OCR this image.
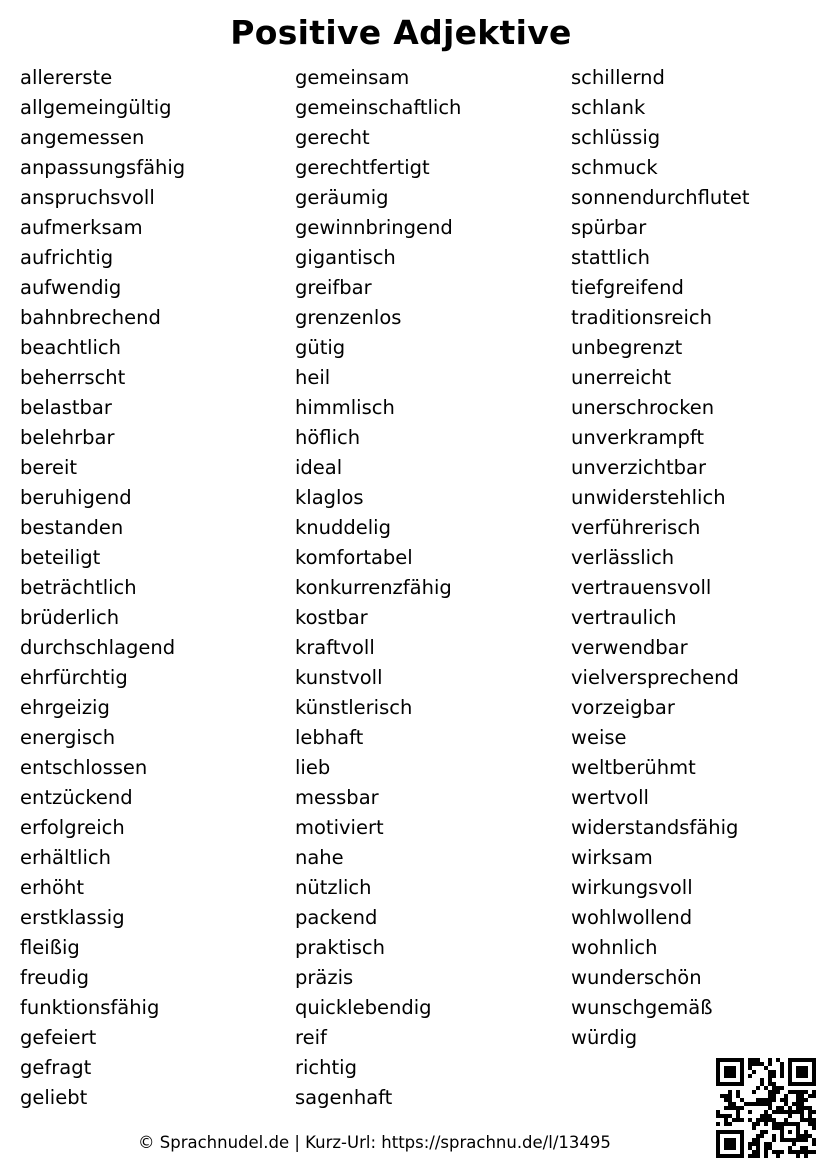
Positive Adjektive
allererste
allgemeingültig
angemessen
anpassungsfähig
anspruchsvoll
aufmerksam
aufrichtig
aufwendig
bahnbrechend
beachtlich
beherrscht
belastbar
belehrbar
bereit
beruhigend
bestanden
beteiligt
beträchtlich
brüderlich
durchschlagend
ehrfürchtig
ehrgeizig
energisch
entschlossen
entzückend
erfolgreich
erhältlich
erhöht
erstklassig
fleißig
freudig
funktionsfähig
gefeiert
gefragt
geliebt
gemeinsam
gemeinschaftlich
gerecht
gerechtfertigt
geräumig
gewinnbringend
gigantisch
greifbar
grenzenlos
gütig
heil
himmlisch
höflich
ideal
klaglos
knuddelig
komfortabel
konkurrenzfähig
kostbar
kraftvoll
kunstvoll
künstlerisch
lebhaft
lieb
messbar
motiviert
nahe
nützlich
packend
praktisch
präzis
quicklebendig
reif
richtig
sagenhaft
schillernd
schlank
schlüssig
schmuck
sonnendurchflutet
spürbar
stattlich
tiefgreifend
traditionsreich
unbegrenzt
unerreicht
unerschrocken
unverkrampft
unverzichtbar
unwiderstehlich
verführerisch
verlässlich
vertrauensvoll
vertraulich
verwendbar
vielversprechend
vorzeigbar
weise
weltberühmt
wertvoll
widerstandsfähig
wirksam
wirkungsvoll
wohlwollend
wohnlich
wunderschön
wunschgemäß
würdig
© Sprachnudel.de | Kurz-Url: https://sprachnu.de/l/13495
